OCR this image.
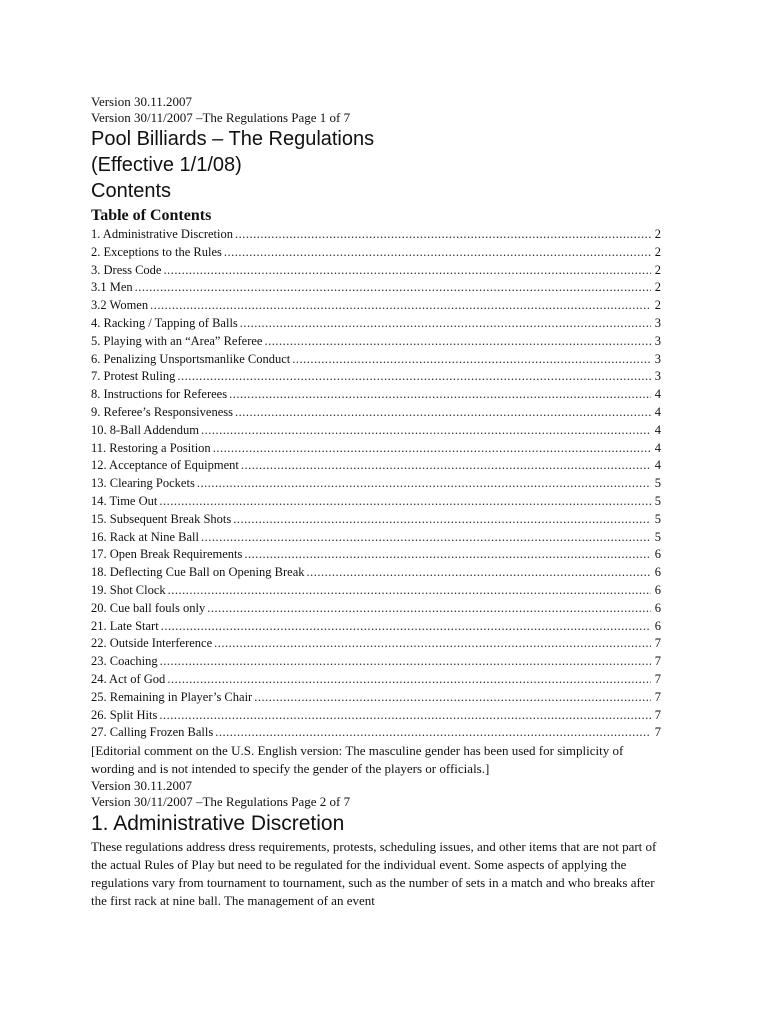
Version 30.11.2007
Version 30/11/2007 –The Regulations Page 1 of 7
Pool Billiards – The Regulations
(Effective 1/1/08)
Contents
Table of Contents
1. Administrative Discretion .....	2
2. Exceptions to the Rules .....	2
3. Dress Code .....	2
3.1 Men .....	2
3.2 Women .....	2
4. Racking / Tapping of Balls .....	3
5. Playing with an “Area” Referee .....	3
6. Penalizing Unsportsmanlike Conduct .....	3
7. Protest Ruling .....	3
8. Instructions for Referees .....	4
9. Referee’s Responsiveness .....	4
10. 8-Ball Addendum .....	4
11. Restoring a Position .....	4
12. Acceptance of Equipment .....	4
13. Clearing Pockets .....	5
14. Time Out .....	5
15. Subsequent Break Shots .....	5
16. Rack at Nine Ball .....	5
17. Open Break Requirements .....	6
18. Deflecting Cue Ball on Opening Break .....	6
19. Shot Clock .....	6
20. Cue ball fouls only .....	6
21. Late Start .....	6
22. Outside Interference .....	7
23. Coaching .....	7
24. Act of God .....	7
25. Remaining in Player’s Chair .....	7
26. Split Hits .....	7
27. Calling Frozen Balls .....	7
[Editorial comment on the U.S. English version: The masculine gender has been used for simplicity of wording and is not intended to specify the gender of the players or officials.]
Version 30.11.2007
Version 30/11/2007 –The Regulations Page 2 of 7
1. Administrative Discretion
These regulations address dress requirements, protests, scheduling issues, and other items that are not part of the actual Rules of Play but need to be regulated for the individual event. Some aspects of applying the regulations vary from tournament to tournament, such as the number of sets in a match and who breaks after the first rack at nine ball. The management of an event
